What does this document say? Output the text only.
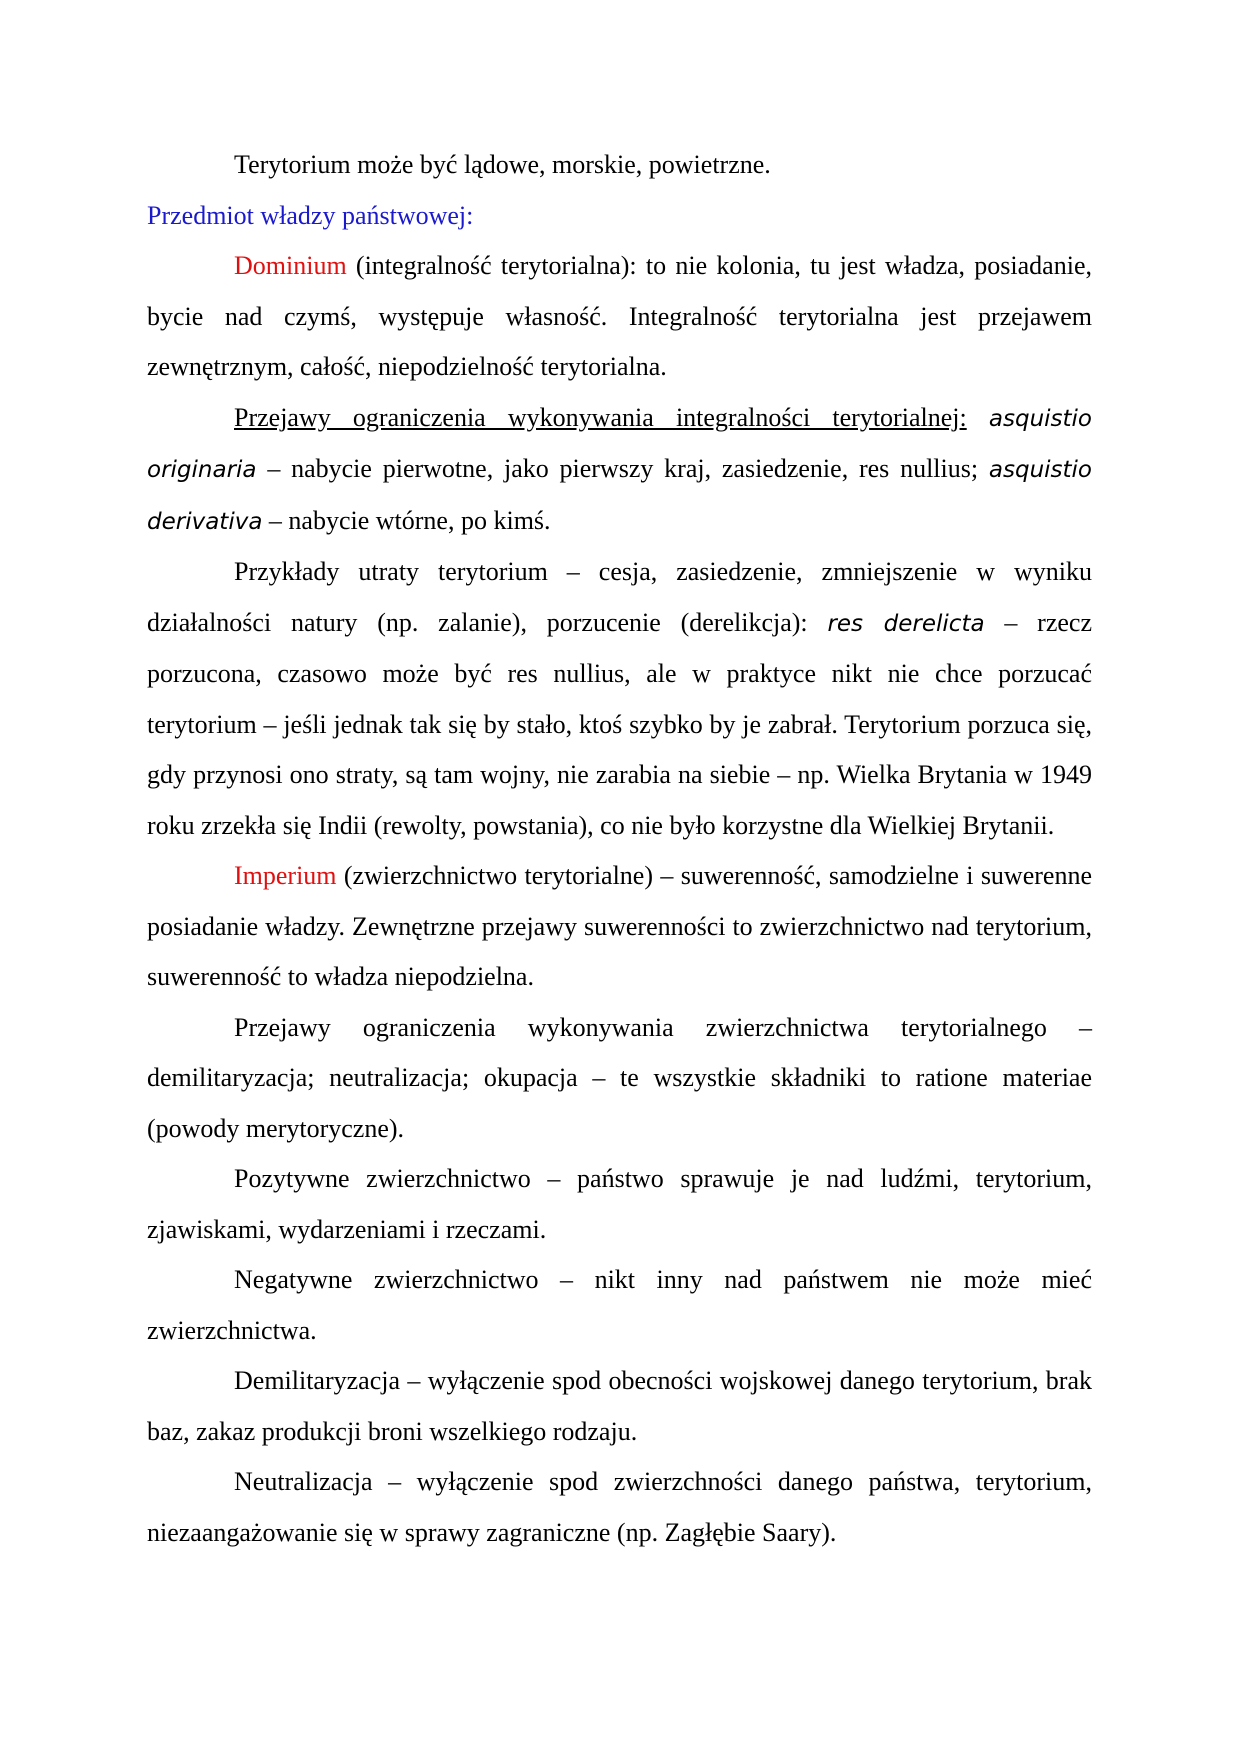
Terytorium może być lądowe, morskie, powietrzne.

Przedmiot władzy państwowej:

Dominium (integralność terytorialna): to nie kolonia, tu jest władza, posiadanie, bycie nad czymś, występuje własność. Integralność terytorialna jest przejawem zewnętrznym, całość, niepodzielność terytorialna.

Przejawy ograniczenia wykonywania integralności terytorialnej: asquistio originaria – nabycie pierwotne, jako pierwszy kraj, zasiedzenie, res nullius; asquistio derivativa – nabycie wtórne, po kimś.

Przykłady utraty terytorium – cesja, zasiedzenie, zmniejszenie w wyniku działalności natury (np. zalanie), porzucenie (derelikcja): res derelicta – rzecz porzucona, czasowo może być res nullius, ale w praktyce nikt nie chce porzucać terytorium – jeśli jednak tak się by stało, ktoś szybko by je zabrał. Terytorium porzuca się, gdy przynosi ono straty, są tam wojny, nie zarabia na siebie – np. Wielka Brytania w 1949 roku zrzekła się Indii (rewolty, powstania), co nie było korzystne dla Wielkiej Brytanii.

Imperium (zwierzchnictwo terytorialne) – suwerenność, samodzielne i suwerenne posiadanie władzy. Zewnętrzne przejawy suwerenności to zwierzchnictwo nad terytorium, suwerenność to władza niepodzielna.

Przejawy ograniczenia wykonywania zwierzchnictwa terytorialnego – demilitaryzacja; neutralizacja; okupacja – te wszystkie składniki to ratione materiae (powody merytoryczne).

Pozytywne zwierzchnictwo – państwo sprawuje je nad ludźmi, terytorium, zjawiskami, wydarzeniami i rzeczami.

Negatywne zwierzchnictwo – nikt inny nad państwem nie może mieć zwierzchnictwa.

Demilitaryzacja – wyłączenie spod obecności wojskowej danego terytorium, brak baz, zakaz produkcji broni wszelkiego rodzaju.

Neutralizacja – wyłączenie spod zwierzchności danego państwa, terytorium, niezaangażowanie się w sprawy zagraniczne (np. Zagłębie Saary).
